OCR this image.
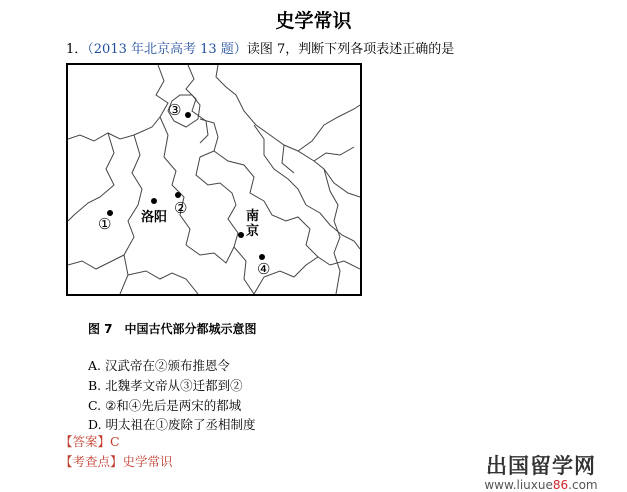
史学常识
1．（2013 年北京高考 13 题）读图 7，判断下列各项表述正确的是
①
②
③
④
洛阳	南
京
图 7　中国古代部分都城示意图
A. 汉武帝在②颁布推恩令
B. 北魏孝文帝从③迁都到②
C. ②和④先后是两宋的都城
D. 明太祖在①废除了丞相制度
【答案】C
【考查点】史学常识	出国留学网
www.liuxue86.com
